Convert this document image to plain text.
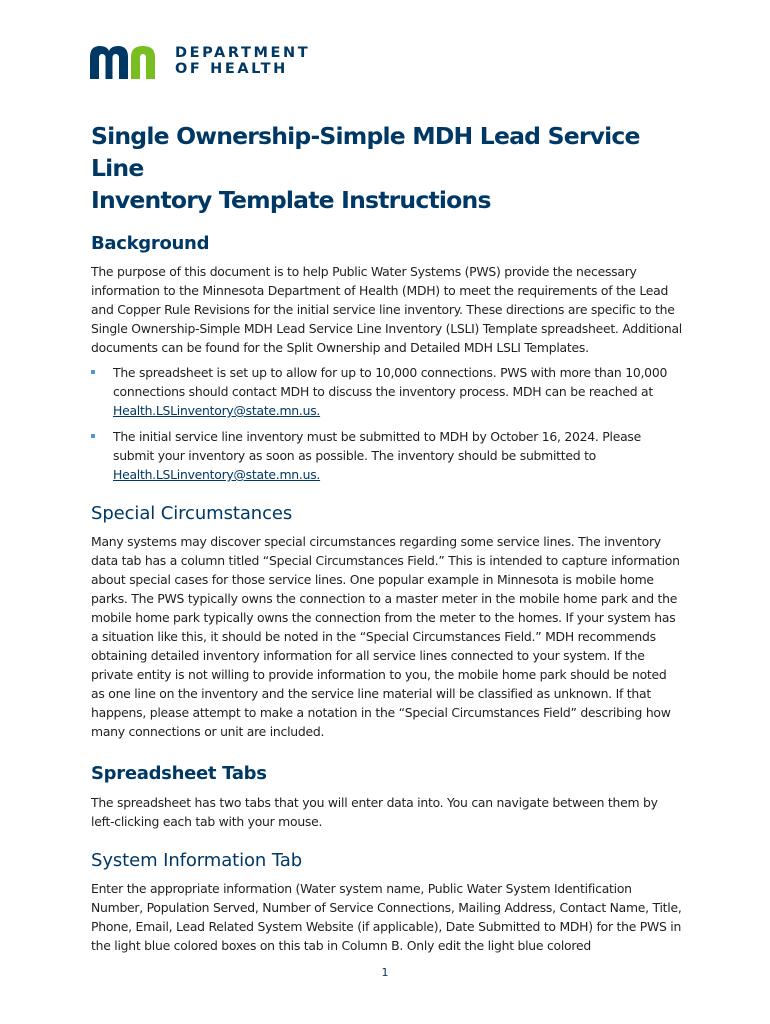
DEPARTMENT
OF HEALTH
Single Ownership-Simple MDH Lead Service Line
Inventory Template Instructions
Background

The purpose of this document is to help Public Water Systems (PWS) provide the necessary information to the Minnesota Department of Health (MDH) to meet the requirements of the Lead and Copper Rule Revisions for the initial service line inventory. These directions are specific to the Single Ownership-Simple MDH Lead Service Line Inventory (LSLI) Template spreadsheet. Additional documents can be found for the Split Ownership and Detailed MDH LSLI Templates.

The spreadsheet is set up to allow for up to 10,000 connections. PWS with more than 10,000 connections should contact MDH to discuss the inventory process. MDH can be reached at Health.LSLinventory@state.mn.us.
The initial service line inventory must be submitted to MDH by October 16, 2024. Please submit your inventory as soon as possible. The inventory should be submitted to Health.LSLinventory@state.mn.us.
Special Circumstances

Many systems may discover special circumstances regarding some service lines. The inventory data tab has a column titled “Special Circumstances Field.” This is intended to capture information about special cases for those service lines. One popular example in Minnesota is mobile home parks. The PWS typically owns the connection to a master meter in the mobile home park and the mobile home park typically owns the connection from the meter to the homes. If your system has a situation like this, it should be noted in the “Special Circumstances Field.” MDH recommends obtaining detailed inventory information for all service lines connected to your system. If the private entity is not willing to provide information to you, the mobile home park should be noted as one line on the inventory and the service line material will be classified as unknown. If that happens, please attempt to make a notation in the “Special Circumstances Field” describing how many connections or unit are included.

Spreadsheet Tabs

The spreadsheet has two tabs that you will enter data into. You can navigate between them by left-clicking each tab with your mouse.

System Information Tab

Enter the appropriate information (Water system name, Public Water System Identification Number, Population Served, Number of Service Connections, Mailing Address, Contact Name, Title, Phone, Email, Lead Related System Website (if applicable), Date Submitted to MDH) for the PWS in the light blue colored boxes on this tab in Column B. Only edit the light blue colored

1
